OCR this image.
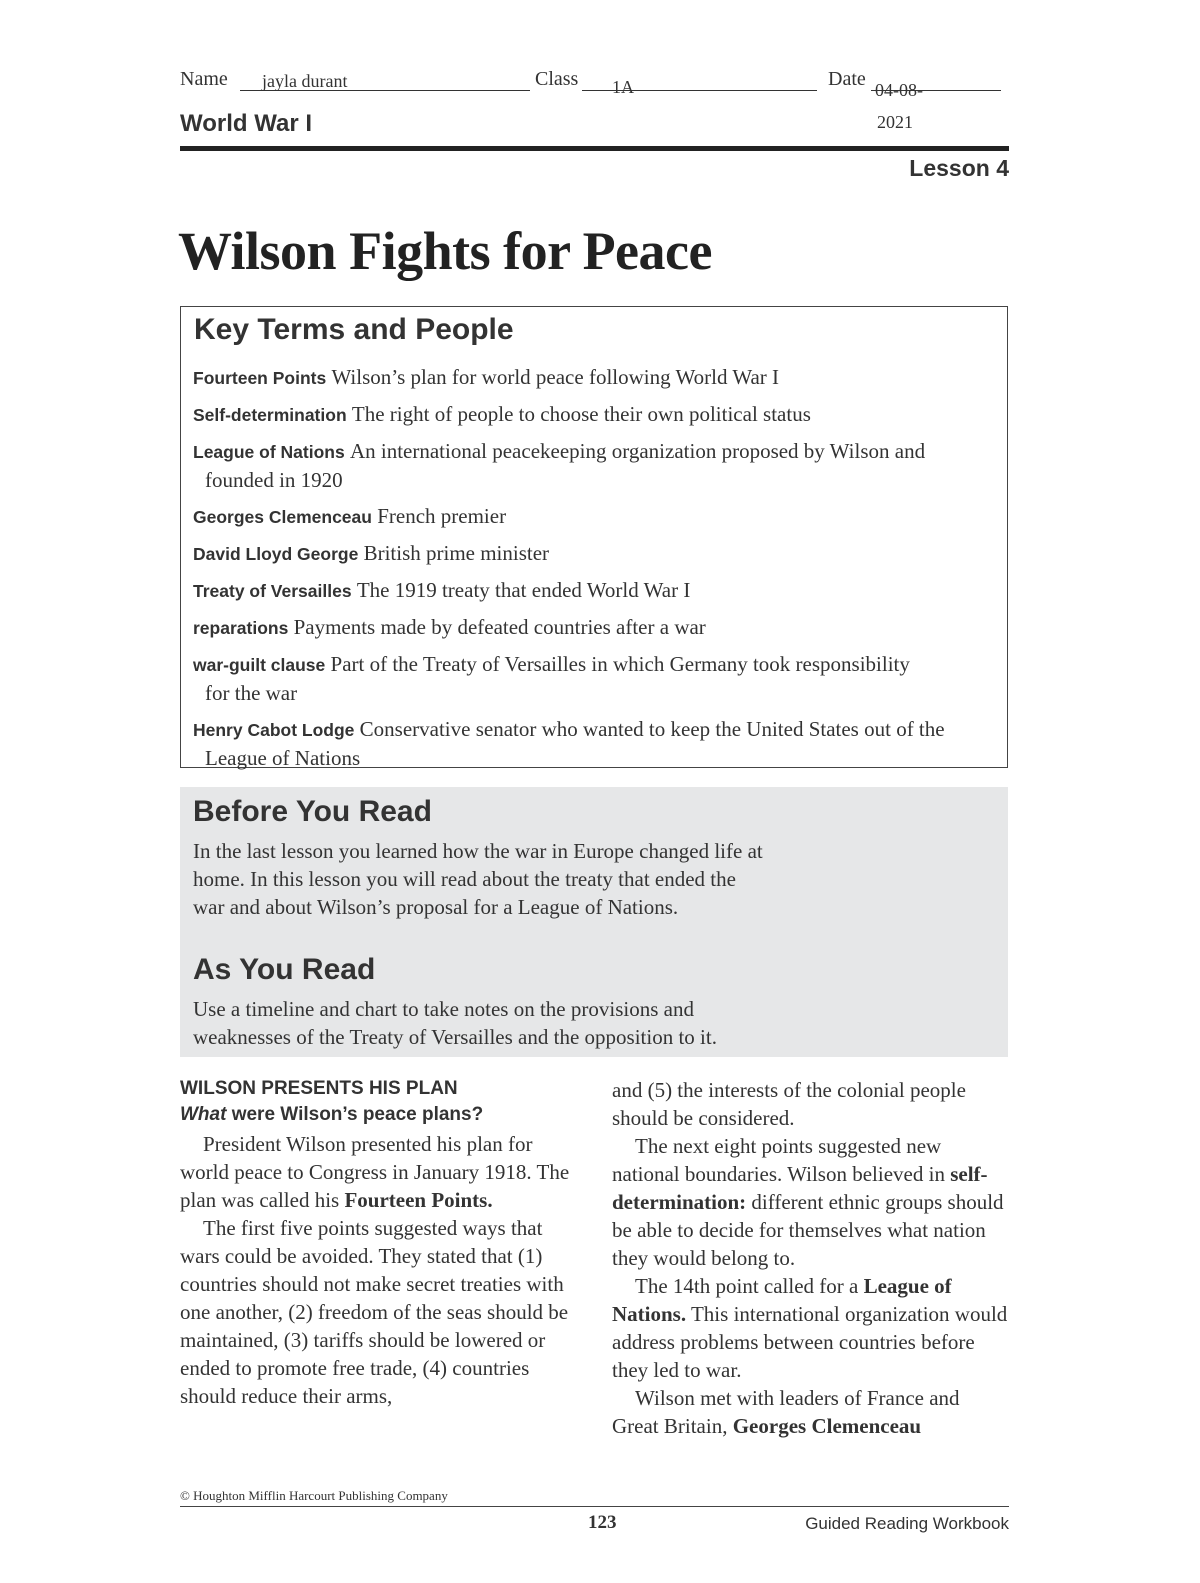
Name jayla durant	Class 1A	Date 04-08-
2021
World War I
Lesson 4
Wilson Fights for Peace
Key Terms and People
Fourteen Points Wilson’s plan for world peace following World War I
Self-determination The right of people to choose their own political status
League of Nations An international peacekeeping organization proposed by Wilson and founded in 1920
Georges Clemenceau French premier
David Lloyd George British prime minister
Treaty of Versailles The 1919 treaty that ended World War I
reparations Payments made by defeated countries after a war
war-guilt clause Part of the Treaty of Versailles in which Germany took responsibility for the war
Henry Cabot Lodge Conservative senator who wanted to keep the United States out of the League of Nations
Before You Read
In the last lesson you learned how the war in Europe changed life at
home. In this lesson you will read about the treaty that ended the
war and about Wilson’s proposal for a League of Nations.
As You Read
Use a timeline and chart to take notes on the provisions and
weaknesses of the Treaty of Versailles and the opposition to it.
WILSON PRESENTS HIS PLAN
What were Wilson’s peace plans?

President Wilson presented his plan for world peace to Congress in January 1918. The plan was called his Fourteen Points.

The first five points suggested ways that wars could be avoided. They stated that (1) countries should not make secret treaties with one another, (2) freedom of the seas should be maintained, (3) tariffs should be lowered or ended to promote free trade, (4) countries should reduce their arms,

and (5) the interests of the colonial people should be considered.

The next eight points suggested new national boundaries. Wilson believed in self-determination: different ethnic groups should be able to decide for themselves what nation they would belong to.

The 14th point called for a League of Nations. This international organization would address problems between countries before they led to war.

Wilson met with leaders of France and Great Britain, Georges Clemenceau

© Houghton Mifflin Harcourt Publishing Company
123	Guided Reading Workbook
